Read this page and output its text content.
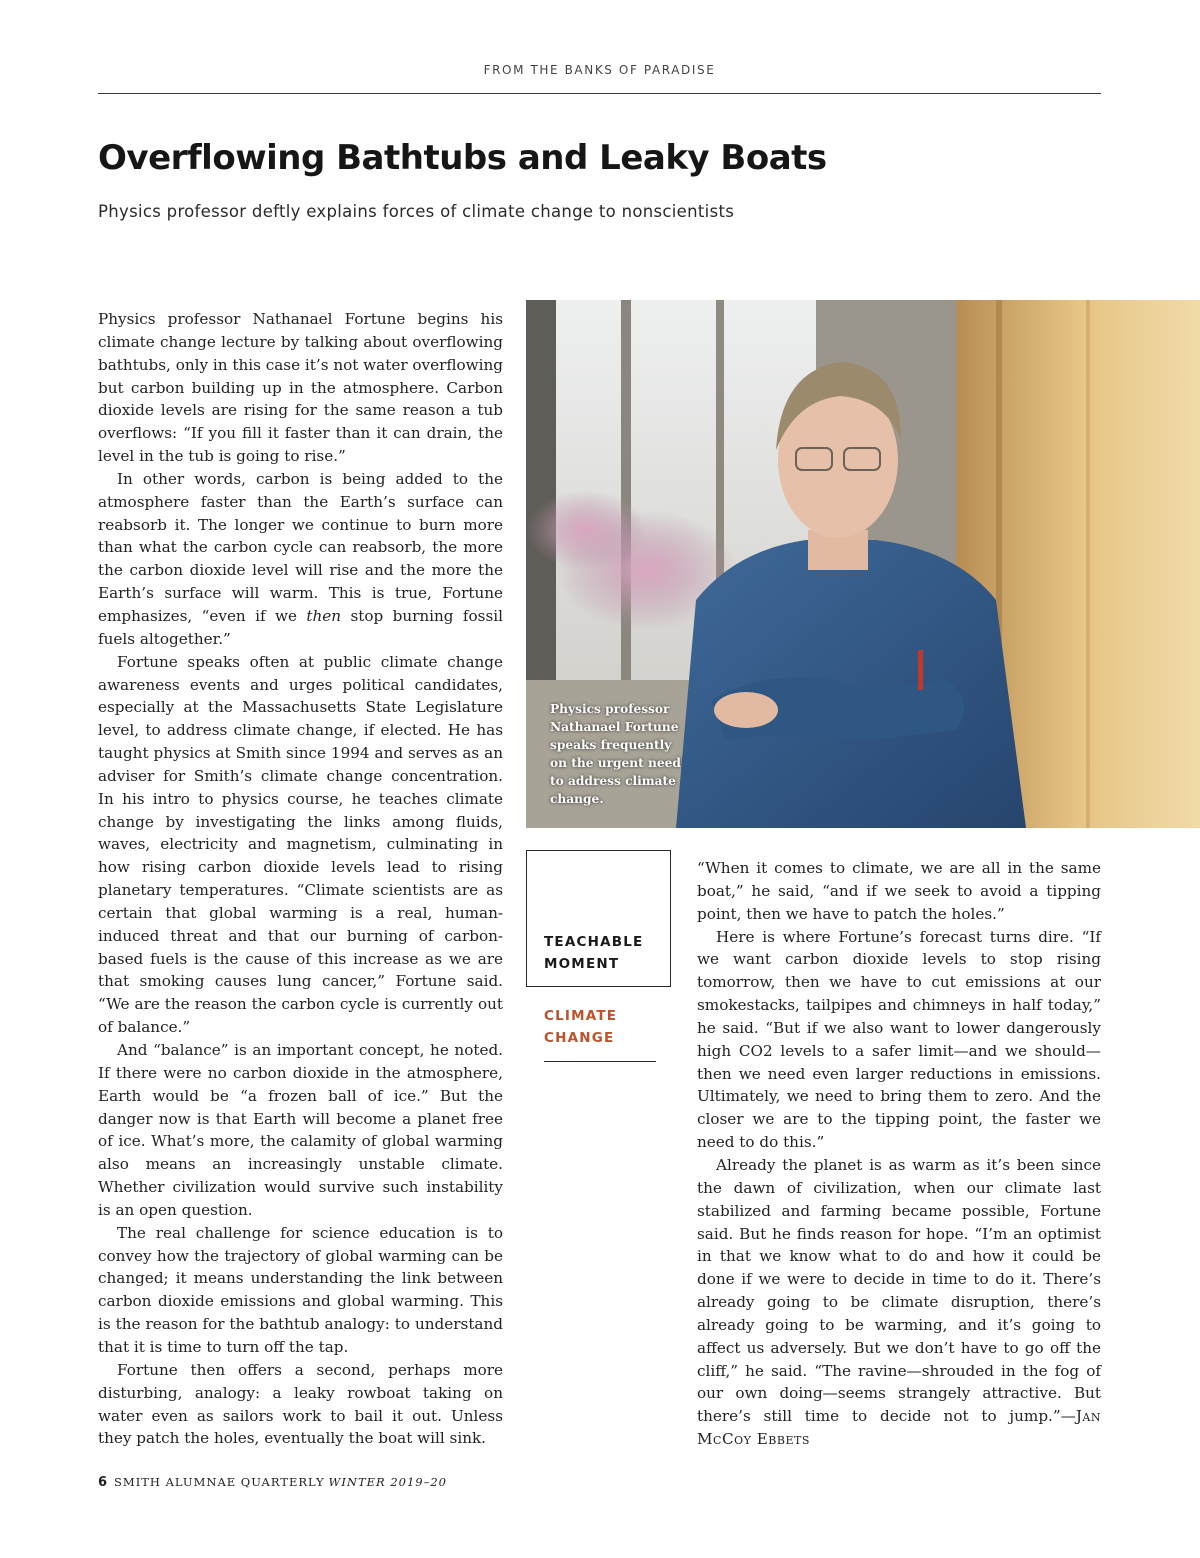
FROM THE BANKS OF PARADISE
Overflowing Bathtubs and Leaky Boats

Physics professor deftly explains forces of climate change to nonscientists

Physics professor Nathanael Fortune begins his climate change lecture by talking about overflowing bathtubs, only in this case it’s not water overflowing but carbon building up in the atmosphere. Carbon dioxide levels are rising for the same reason a tub overflows: “If you fill it faster than it can drain, the level in the tub is going to rise.”

In other words, carbon is being added to the atmosphere faster than the Earth’s surface can reabsorb it. The longer we continue to burn more than what the carbon cycle can reabsorb, the more the carbon dioxide level will rise and the more the Earth’s surface will warm. This is true, Fortune emphasizes, “even if we then stop burning fossil fuels altogether.”

Fortune speaks often at public climate change awareness events and urges political candidates, especially at the Massachusetts State Legislature level, to address climate change, if elected. He has taught physics at Smith since 1994 and serves as an adviser for Smith’s climate change concentration. In his intro to physics course, he teaches climate change by investigating the links among fluids, waves, electricity and magnetism, culminating in how rising carbon dioxide levels lead to rising planetary temperatures. “Climate scientists are as certain that global warming is a real, human-induced threat and that our burning of carbon-based fuels is the cause of this increase as we are that smoking causes lung cancer,” Fortune said. “We are the reason the carbon cycle is currently out of balance.”

And “balance” is an important concept, he noted. If there were no carbon dioxide in the atmosphere, Earth would be “a frozen ball of ice.” But the danger now is that Earth will become a planet free of ice. What’s more, the calamity of global warming also means an increasingly unstable climate. Whether civilization would survive such instability is an open question.

The real challenge for science education is to convey how the trajectory of global warming can be changed; it means understanding the link between carbon dioxide emissions and global warming. This is the reason for the bathtub analogy: to understand that it is time to turn off the tap.

Fortune then offers a second, perhaps more disturbing, analogy: a leaky rowboat taking on water even as sailors work to bail it out. Unless they patch the holes, eventually the boat will sink.

Physics professor Nathanael Fortune speaks frequently on the urgent need to address climate change.

TEACHABLE MOMENT

CLIMATE CHANGE

“When it comes to climate, we are all in the same boat,” he said, “and if we seek to avoid a tipping point, then we have to patch the holes.”

Here is where Fortune’s forecast turns dire. “If we want carbon dioxide levels to stop rising tomorrow, then we have to cut emissions at our smokestacks, tailpipes and chimneys in half today,” he said. “But if we also want to lower dangerously high CO2 levels to a safer limit—and we should—then we need even larger reductions in emissions. Ultimately, we need to bring them to zero. And the closer we are to the tipping point, the faster we need to do this.”

Already the planet is as warm as it’s been since the dawn of civilization, when our climate last stabilized and farming became possible, Fortune said. But he finds reason for hope. “I’m an optimist in that we know what to do and how it could be done if we were to decide in time to do it. There’s already going to be climate disruption, there’s already going to be warming, and it’s going to affect us adversely. But we don’t have to go off the cliff,” he said. “The ravine—shrouded in the fog of our own doing—seems strangely attractive. But there’s still time to decide not to jump.”—Jan McCoy Ebbets

6 SMITH ALUMNAE QUARTERLY WINTER 2019–20
